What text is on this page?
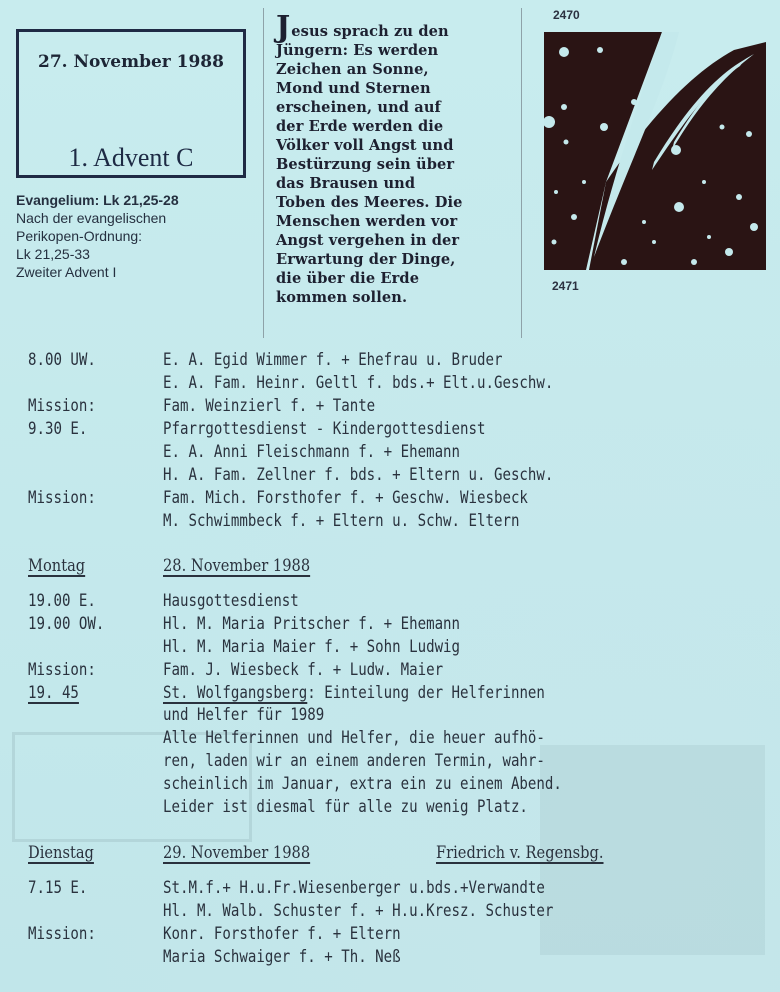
27. November 1988
1. Advent C
Evangelium: Lk 21,25-28
Nach der evangelischen
Perikopen-Ordnung:
Lk 21,25-33
Zweiter Advent I
Jesus sprach zu den
Jüngern: Es werden
Zeichen an Sonne,
Mond und Sternen
erscheinen, und auf
der Erde werden die
Völker voll Angst und
Bestürzung sein über
das Brausen und
Toben des Meeres. Die
Menschen werden vor
Angst vergehen in der
Erwartung der Dinge,
die über die Erde
kommen sollen.
2470
2471
8.00 UW.	E. A. Egid Wimmer f. + Ehefrau u. Bruder
E. A. Fam. Heinr. Geltl f. bds.+ Elt.u.Geschw.
Mission:	Fam. Weinzierl f. + Tante
9.30 E.	Pfarrgottesdienst - Kindergottesdienst
E. A. Anni Fleischmann f. + Ehemann
H. A. Fam. Zellner f. bds. + Eltern u. Geschw.
Mission:	Fam. Mich. Forsthofer f. + Geschw. Wiesbeck
M. Schwimmbeck f. + Eltern u. Schw. Eltern
Montag	28. November 1988
19.00 E.	Hausgottesdienst
19.00 OW.	Hl. M. Maria Pritscher f. + Ehemann
Hl. M. Maria Maier f. + Sohn Ludwig
Mission:	Fam. J. Wiesbeck f. + Ludw. Maier
19. 45	St. Wolfgangsberg: Einteilung der Helferinnen
und Helfer für 1989
Alle Helferinnen und Helfer, die heuer aufhö-
ren, laden wir an einem anderen Termin, wahr-
scheinlich im Januar, extra ein zu einem Abend.
Leider ist diesmal für alle zu wenig Platz.
Dienstag	29. November 1988	Friedrich v. Regensbg.
7.15 E.	St.M.f.+ H.u.Fr.Wiesenberger u.bds.+Verwandte
Hl. M. Walb. Schuster f. + H.u.Kresz. Schuster
Mission:	Konr. Forsthofer f. + Eltern
Maria Schwaiger f. + Th. Neß
